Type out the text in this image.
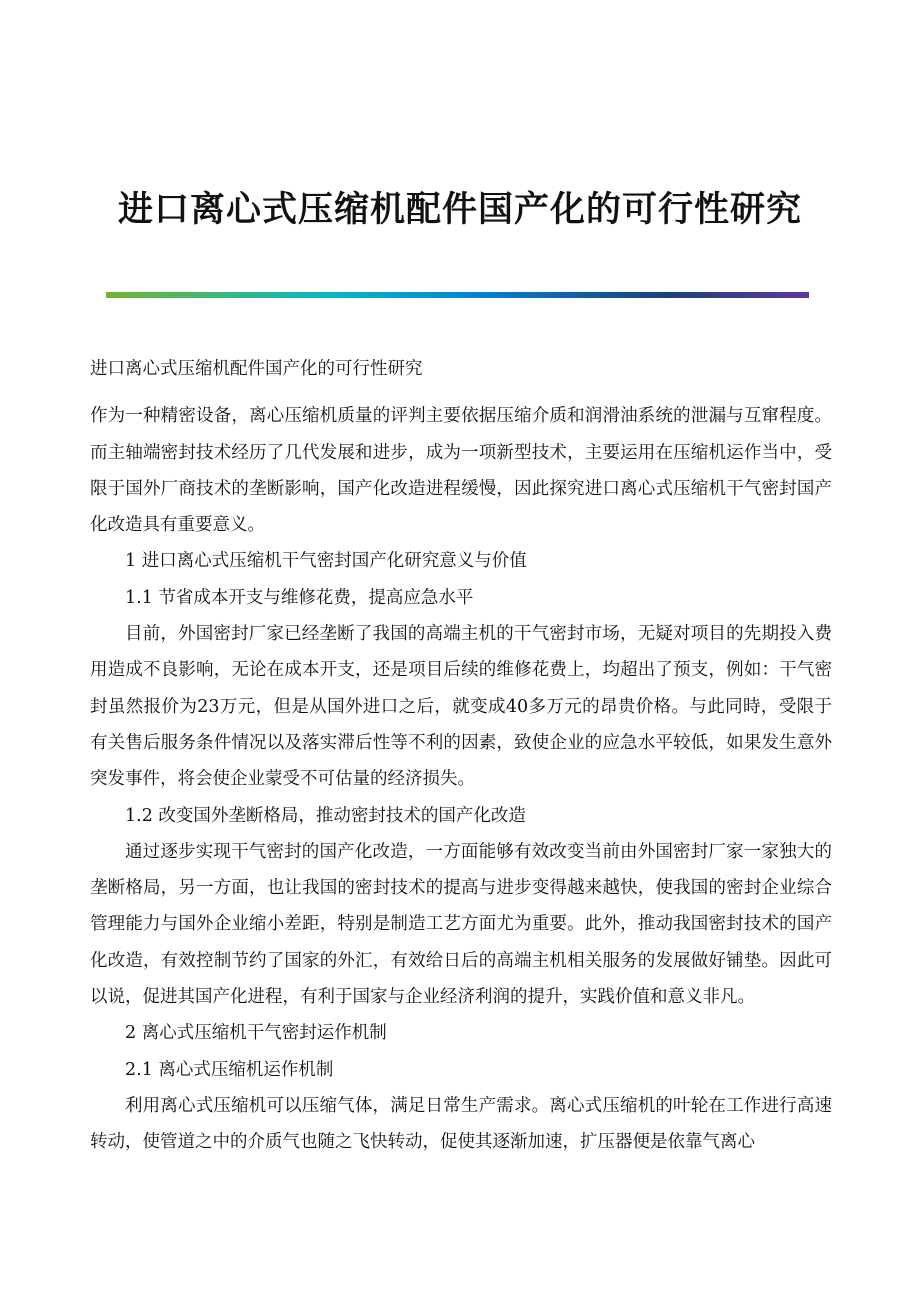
进口离心式压缩机配件国产化的可行性研究

进口离心式压缩机配件国产化的可行性研究

作为一种精密设备，离心压缩机质量的评判主要依据压缩介质和润滑油系统的泄漏与互窜程度。而主轴端密封技术经历了几代发展和进步，成为一项新型技术，主要运用在压缩机运作当中，受限于国外厂商技术的垄断影响，国产化改造进程缓慢，因此探究进口离心式压缩机干气密封国产化改造具有重要意义。

1 进口离心式压缩机干气密封国产化研究意义与价值

1.1 节省成本开支与维修花费，提高应急水平

目前，外国密封厂家已经垄断了我国的高端主机的干气密封市场，无疑对项目的先期投入费用造成不良影响，无论在成本开支，还是项目后续的维修花费上，均超出了预支，例如：干气密封虽然报价为23万元，但是从国外进口之后，就变成40多万元的昂贵价格。与此同時，受限于有关售后服务条件情况以及落实滞后性等不利的因素，致使企业的应急水平较低，如果发生意外突发事件，将会使企业蒙受不可估量的经济损失。

1.2 改变国外垄断格局，推动密封技术的国产化改造

通过逐步实现干气密封的国产化改造，一方面能够有效改变当前由外国密封厂家一家独大的垄断格局，另一方面，也让我国的密封技术的提高与进步变得越来越快，使我国的密封企业综合管理能力与国外企业缩小差距，特别是制造工艺方面尤为重要。此外，推动我国密封技术的国产化改造，有效控制节约了国家的外汇，有效给日后的高端主机相关服务的发展做好铺垫。因此可以说，促进其国产化进程，有利于国家与企业经济利润的提升，实践价值和意义非凡。

2 离心式压缩机干气密封运作机制

2.1 离心式压缩机运作机制

利用离心式压缩机可以压缩气体，满足日常生产需求。离心式压缩机的叶轮在工作进行高速转动，使管道之中的介质气也随之飞快转动，促使其逐渐加速，扩压器便是依靠气离心
